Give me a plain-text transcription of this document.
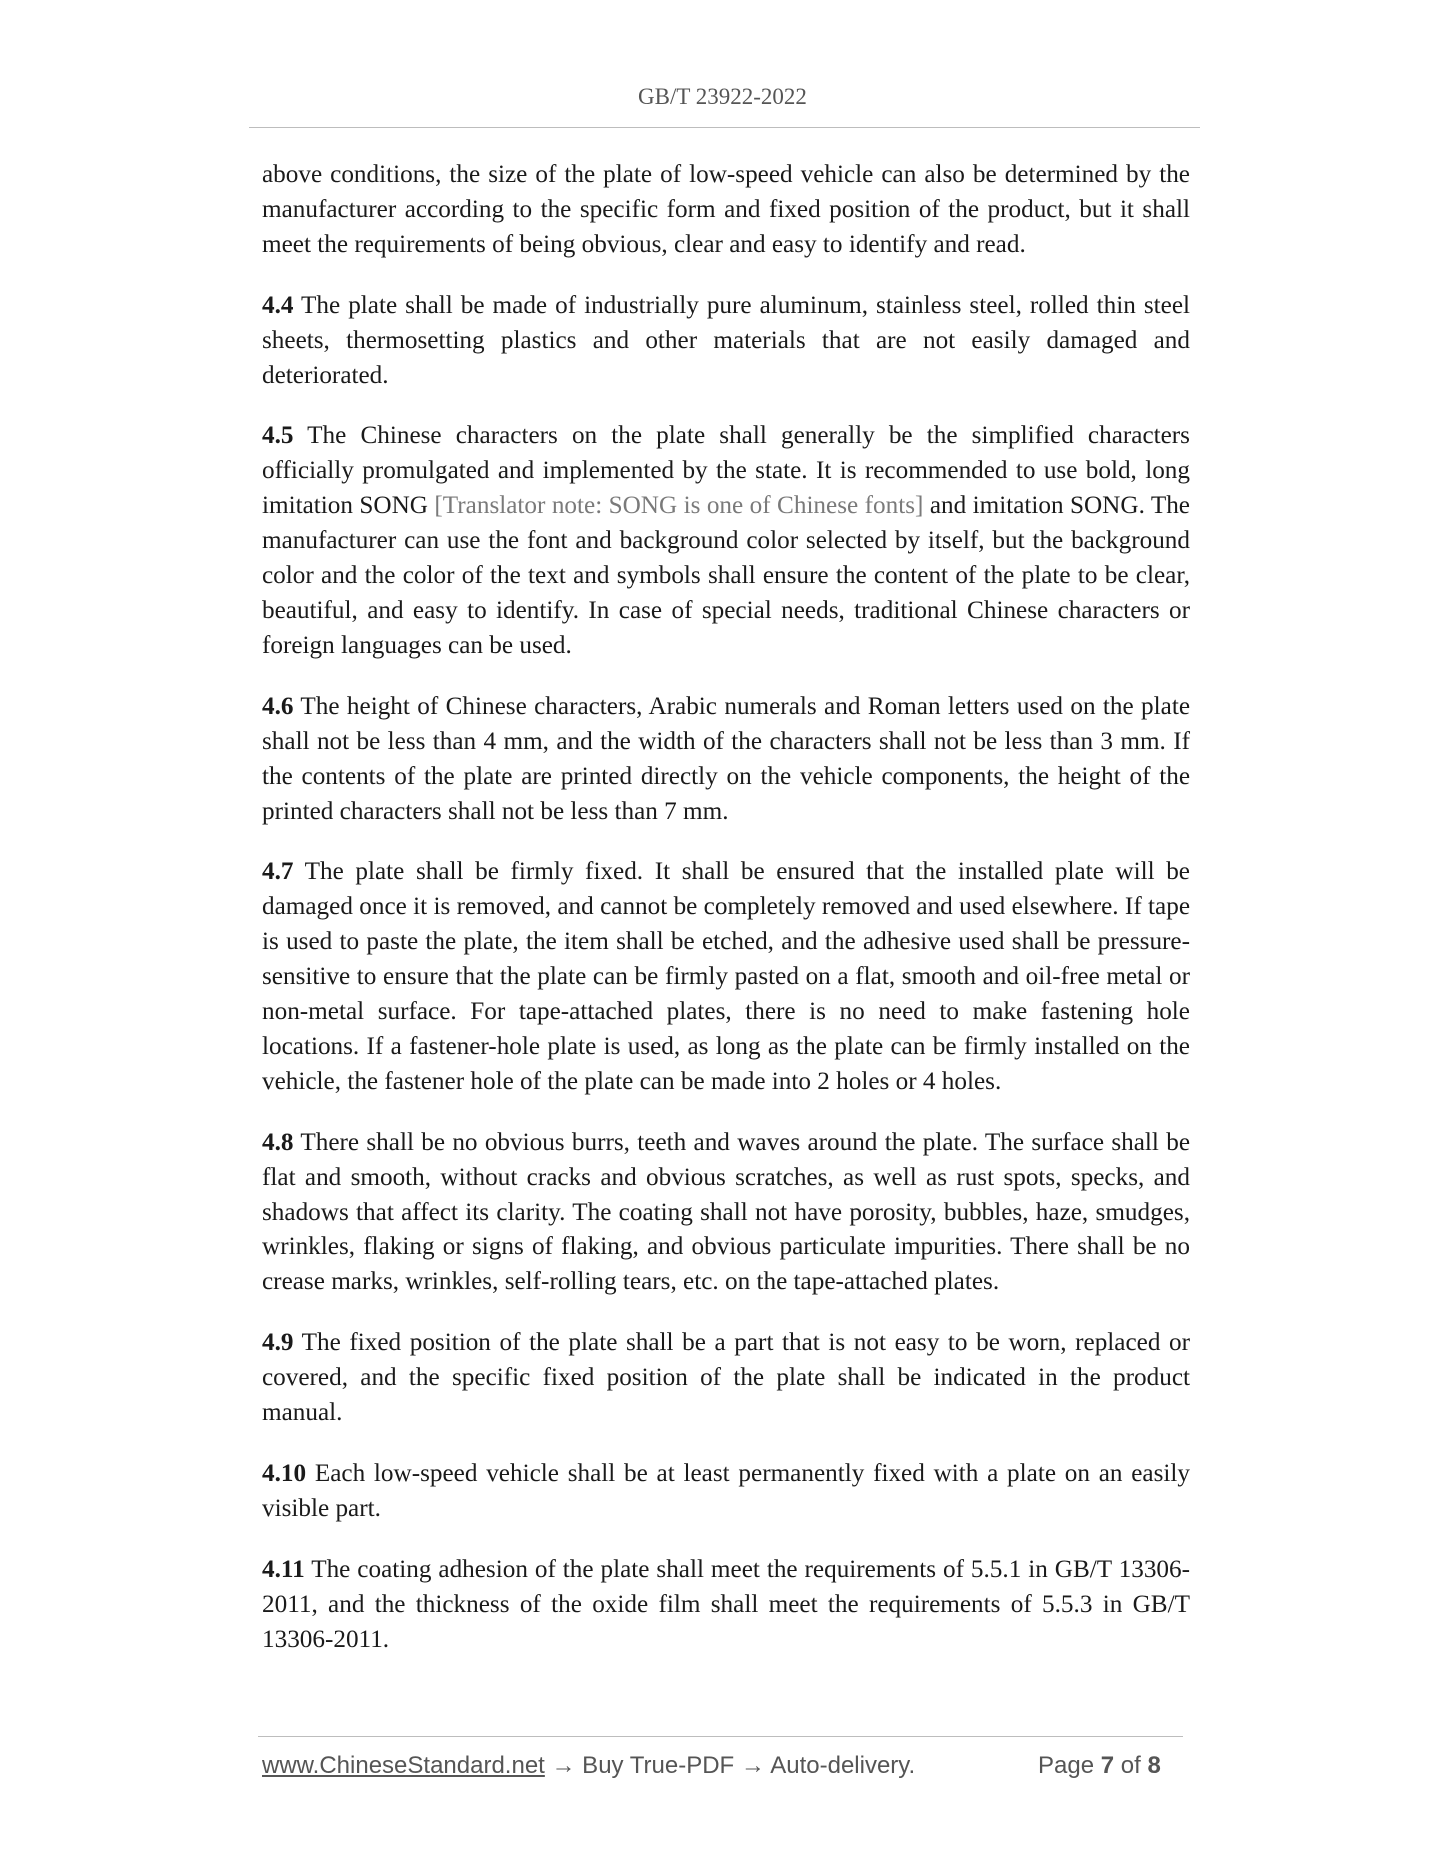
GB/T 23922-2022

above conditions, the size of the plate of low-speed vehicle can also be determined by the manufacturer according to the specific form and fixed position of the product, but it shall meet the requirements of being obvious, clear and easy to identify and read.

4.4 The plate shall be made of industrially pure aluminum, stainless steel, rolled thin steel sheets, thermosetting plastics and other materials that are not easily damaged and deteriorated.

4.5 The Chinese characters on the plate shall generally be the simplified characters officially promulgated and implemented by the state. It is recommended to use bold, long imitation SONG [Translator note: SONG is one of Chinese fonts] and imitation SONG. The manufacturer can use the font and background color selected by itself, but the background color and the color of the text and symbols shall ensure the content of the plate to be clear, beautiful, and easy to identify. In case of special needs, traditional Chinese characters or foreign languages can be used.

4.6 The height of Chinese characters, Arabic numerals and Roman letters used on the plate shall not be less than 4 mm, and the width of the characters shall not be less than 3 mm. If the contents of the plate are printed directly on the vehicle components, the height of the printed characters shall not be less than 7 mm.

4.7 The plate shall be firmly fixed. It shall be ensured that the installed plate will be damaged once it is removed, and cannot be completely removed and used elsewhere. If tape is used to paste the plate, the item shall be etched, and the adhesive used shall be pressure-sensitive to ensure that the plate can be firmly pasted on a flat, smooth and oil-free metal or non-metal surface. For tape-attached plates, there is no need to make fastening hole locations. If a fastener-hole plate is used, as long as the plate can be firmly installed on the vehicle, the fastener hole of the plate can be made into 2 holes or 4 holes.

4.8 There shall be no obvious burrs, teeth and waves around the plate. The surface shall be flat and smooth, without cracks and obvious scratches, as well as rust spots, specks, and shadows that affect its clarity. The coating shall not have porosity, bubbles, haze, smudges, wrinkles, flaking or signs of flaking, and obvious particulate impurities. There shall be no crease marks, wrinkles, self-rolling tears, etc. on the tape-attached plates.

4.9 The fixed position of the plate shall be a part that is not easy to be worn, replaced or covered, and the specific fixed position of the plate shall be indicated in the product manual.

4.10 Each low-speed vehicle shall be at least permanently fixed with a plate on an easily visible part.

4.11 The coating adhesion of the plate shall meet the requirements of 5.5.1 in GB/T 13306-2011, and the thickness of the oxide film shall meet the requirements of 5.5.3 in GB/T 13306-2011.

www.ChineseStandard.net → Buy True-PDF → Auto-delivery.	Page 7 of 8
